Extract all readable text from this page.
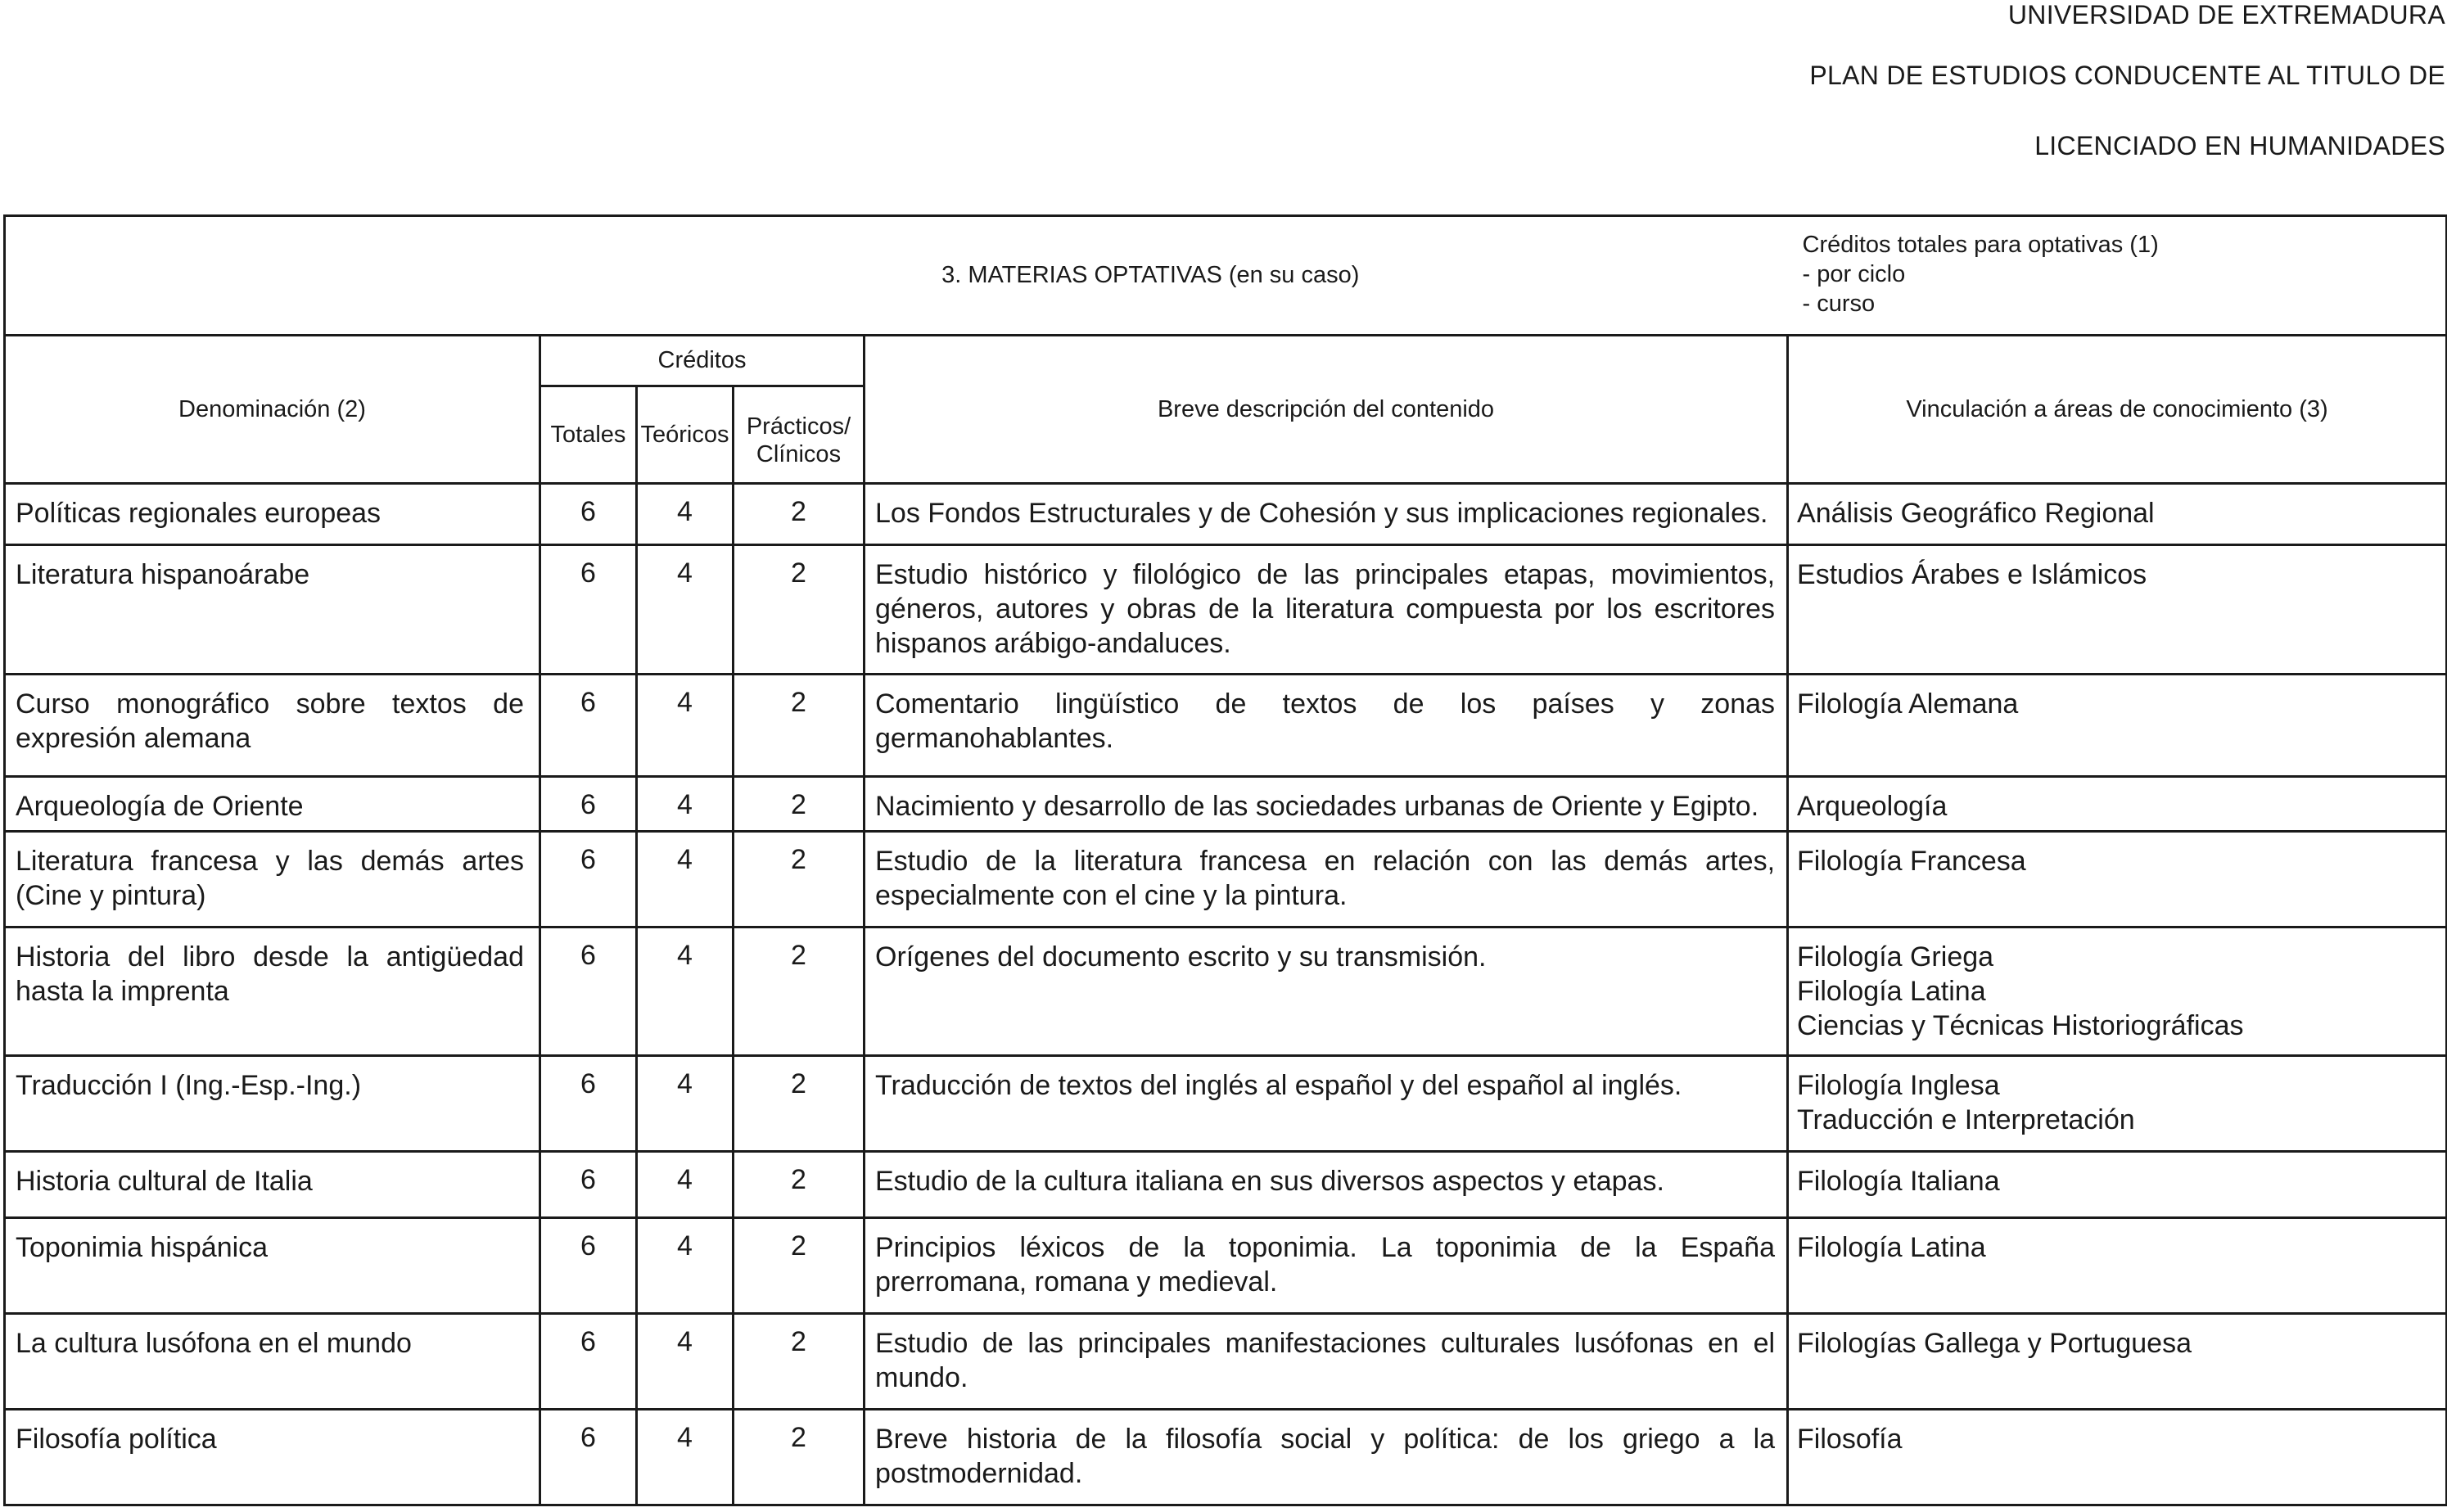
UNIVERSIDAD DE EXTREMADURA
PLAN DE ESTUDIOS CONDUCENTE AL TITULO DE
LICENCIADO EN HUMANIDADES
3. MATERIAS OPTATIVAS (en su caso)					Créditos totales para optativas (1)
- por ciclo
- curso

Denominación (2)	Créditos			Breve descripción del contenido	Vinculación a áreas de conocimiento (3)
	Totales	Teóricos	Prácticos/
Clínicos		

Políticas regionales europeas	6	4	2	Los Fondos Estructurales y de Cohesión y sus implicaciones regionales.	Análisis Geográfico Regional

Literatura hispanoárabe	6	4	2	Estudio histórico y filológico de las principales etapas, movimientos, géneros, autores y obras de la literatura compuesta por los escritores hispanos arábigo-andaluces.	Estudios Árabes e Islámicos

Curso monográfico sobre textos de expresión alemana	6	4	2	Comentario lingüístico de textos de los países y zonas germanohablantes.	Filología Alemana

Arqueología de Oriente	6	4	2	Nacimiento y desarrollo de las sociedades urbanas de Oriente y Egipto.	Arqueología

Literatura francesa y las demás artes (Cine y pintura)	6	4	2	Estudio de la literatura francesa en relación con las demás artes, especialmente con el cine y la pintura.	Filología Francesa

Historia del libro desde la antigüedad hasta la imprenta	6	4	2	Orígenes del documento escrito y su transmisión.	Filología Griega
Filología Latina
Ciencias y Técnicas Historiográficas

Traducción I (Ing.-Esp.-Ing.)	6	4	2	Traducción de textos del inglés al español y del español al inglés.	Filología Inglesa
Traducción e Interpretación

Historia cultural de Italia	6	4	2	Estudio de la cultura italiana en sus diversos aspectos y etapas.	Filología Italiana

Toponimia hispánica	6	4	2	Principios léxicos de la toponimia. La toponimia de la España prerromana, romana y medieval.	Filología Latina

La cultura lusófona en el mundo	6	4	2	Estudio de las principales manifestaciones culturales lusófonas en el mundo.	Filologías Gallega y Portuguesa

Filosofía política	6	4	2	Breve historia de la filosofía social y política: de los griego a la postmodernidad.	Filosofía
